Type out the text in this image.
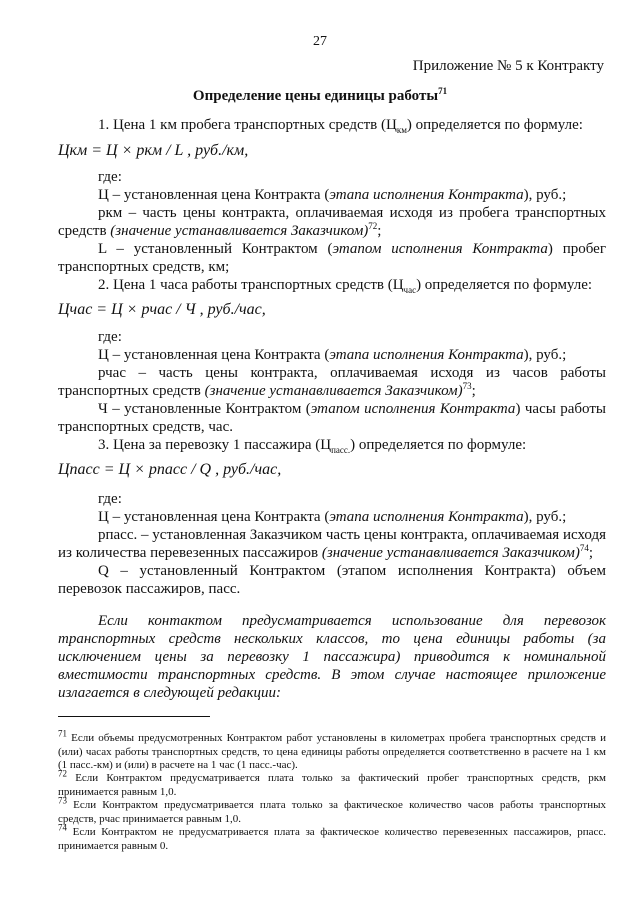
27
Приложение № 5 к Контракту
Определение цены единицы работы$^{71}$
1. Цена 1 км пробега транспортных средств $(Ц_{км})$ определяется по формуле:
Цкм = Ц × pкм / L , руб./км,
где:
Ц – установленная цена Контракта (этапа исполнения Контракта), руб.;
ркм – часть цены контракта, оплачиваемая исходя из пробега транспортных средств (значение устанавливается Заказчиком)$^{72}$;
L – установленный Контрактом (этапом исполнения Контракта) пробег транспортных средств, км;
2. Цена 1 часа работы транспортных средств $(Ц_{час})$ определяется по формуле:
Цчас = Ц × pчас / Ч , руб./час,
где:
Ц – установленная цена Контракта (этапа исполнения Контракта), руб.;
рчас – часть цены контракта, оплачиваемая исходя из часов работы транспортных средств (значение устанавливается Заказчиком)$^{73}$;
Ч – установленные Контрактом (этапом исполнения Контракта) часы работы транспортных средств, час.
3. Цена за перевозку 1 пассажира $(Ц_{пасс.})$ определяется по формуле:
Цпасс = Ц × pпасс / Q , руб./час,
где:
Ц – установленная цена Контракта (этапа исполнения Контракта), руб.;
рпасс. – установленная Заказчиком часть цены контракта, оплачиваемая исходя из количества перевезенных пассажиров (значение устанавливается Заказчиком)$^{74}$;
Q – установленный Контрактом (этапом исполнения Контракта) объем перевозок пассажиров, пасс.
Если контактом предусматривается использование для перевозок транспортных средств нескольких классов, то цена единицы работы (за исключением цены за перевозку 1 пассажира) приводится к номинальной вместимости транспортных средств. В этом случае настоящее приложение излагается в следующей редакции:
$^{71}$ Если объемы предусмотренных Контрактом работ установлены в километрах пробега транспортных средств и (или) часах работы транспортных средств, то цена единицы работы определяется соответственно в расчете на 1 км (1 пасс.-км) и (или) в расчете на 1 час (1 пасс.-час).
$^{72}$ Если Контрактом предусматривается плата только за фактический пробег транспортных средств, pкм принимается равным 1,0.
$^{73}$ Если Контрактом предусматривается плата только за фактическое количество часов работы транспортных средств, pчас принимается равным 1,0.
$^{74}$ Если Контрактом не предусматривается плата за фактическое количество перевезенных пассажиров, pпасс. принимается равным 0.
